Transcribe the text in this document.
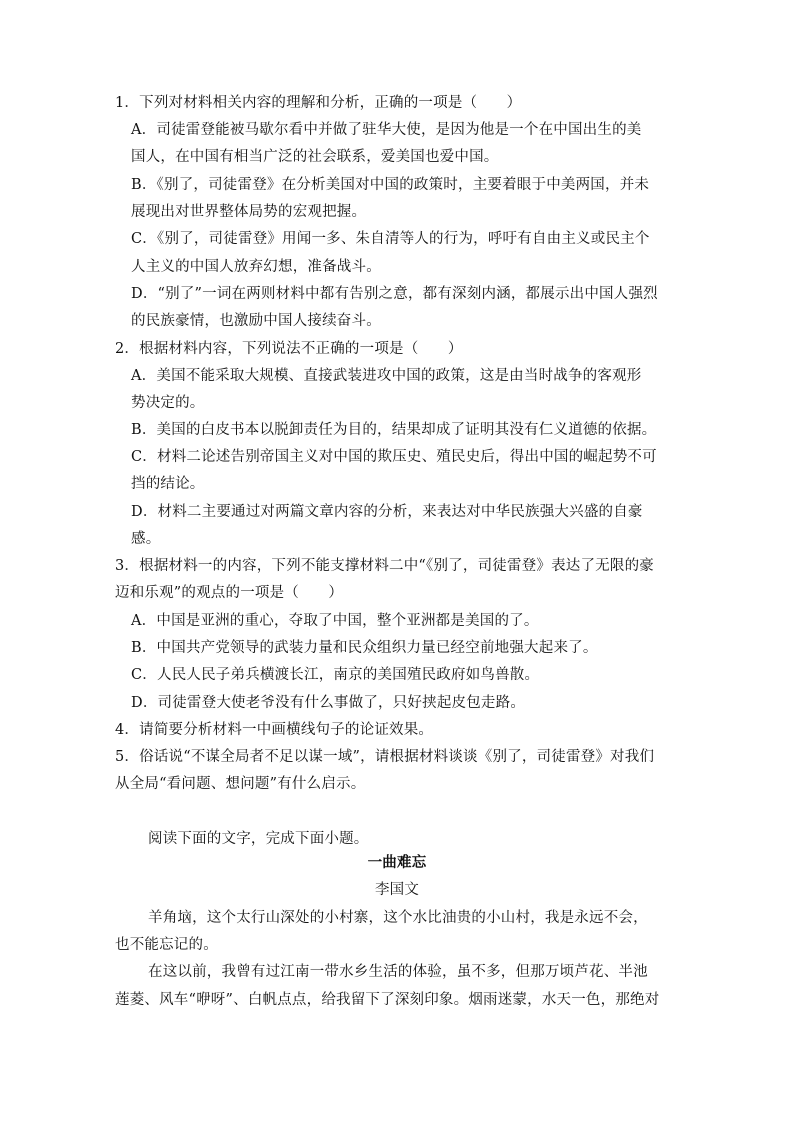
1．下列对材料相关内容的理解和分析，正确的一项是（　　）
A．司徒雷登能被马歇尔看中并做了驻华大使，是因为他是一个在中国出生的美
国人，在中国有相当广泛的社会联系，爱美国也爱中国。
B．《别了，司徒雷登》在分析美国对中国的政策时，主要着眼于中美两国，并未
展现出对世界整体局势的宏观把握。
C．《别了，司徒雷登》用闻一多、朱自清等人的行为，呼吁有自由主义或民主个
人主义的中国人放弃幻想，准备战斗。
D．“别了”一词在两则材料中都有告别之意，都有深刻内涵，都展示出中国人强烈
的民族豪情，也激励中国人接续奋斗。
2．根据材料内容，下列说法不正确的一项是（　　）
A．美国不能采取大规模、直接武装进攻中国的政策，这是由当时战争的客观形
势决定的。
B．美国的白皮书本以脱卸责任为目的，结果却成了证明其没有仁义道德的依据。
C．材料二论述告别帝国主义对中国的欺压史、殖民史后，得出中国的崛起势不可
挡的结论。
D．材料二主要通过对两篇文章内容的分析，来表达对中华民族强大兴盛的自豪
感。
3．根据材料一的内容，下列不能支撑材料二中“《别了，司徒雷登》表达了无限的豪
迈和乐观”的观点的一项是（　　）
A．中国是亚洲的重心，夺取了中国，整个亚洲都是美国的了。
B．中国共产党领导的武装力量和民众组织力量已经空前地强大起来了。
C．人民人民子弟兵横渡长江，南京的美国殖民政府如鸟兽散。
D．司徒雷登大使老爷没有什么事做了，只好挟起皮包走路。
4．请简要分析材料一中画横线句子的论证效果。
5．俗话说“不谋全局者不足以谋一域”，请根据材料谈谈《别了，司徒雷登》对我们
从全局“看问题、想问题”有什么启示。
阅读下面的文字，完成下面小题。
一曲难忘
李国文
羊角垴，这个太行山深处的小村寨，这个水比油贵的小山村，我是永远不会，
也不能忘记的。
在这以前，我曾有过江南一带水乡生活的体验，虽不多，但那万顷芦花、半池
莲菱、风车“咿呀”、白帆点点，给我留下了深刻印象。烟雨迷蒙，水天一色，那绝对
